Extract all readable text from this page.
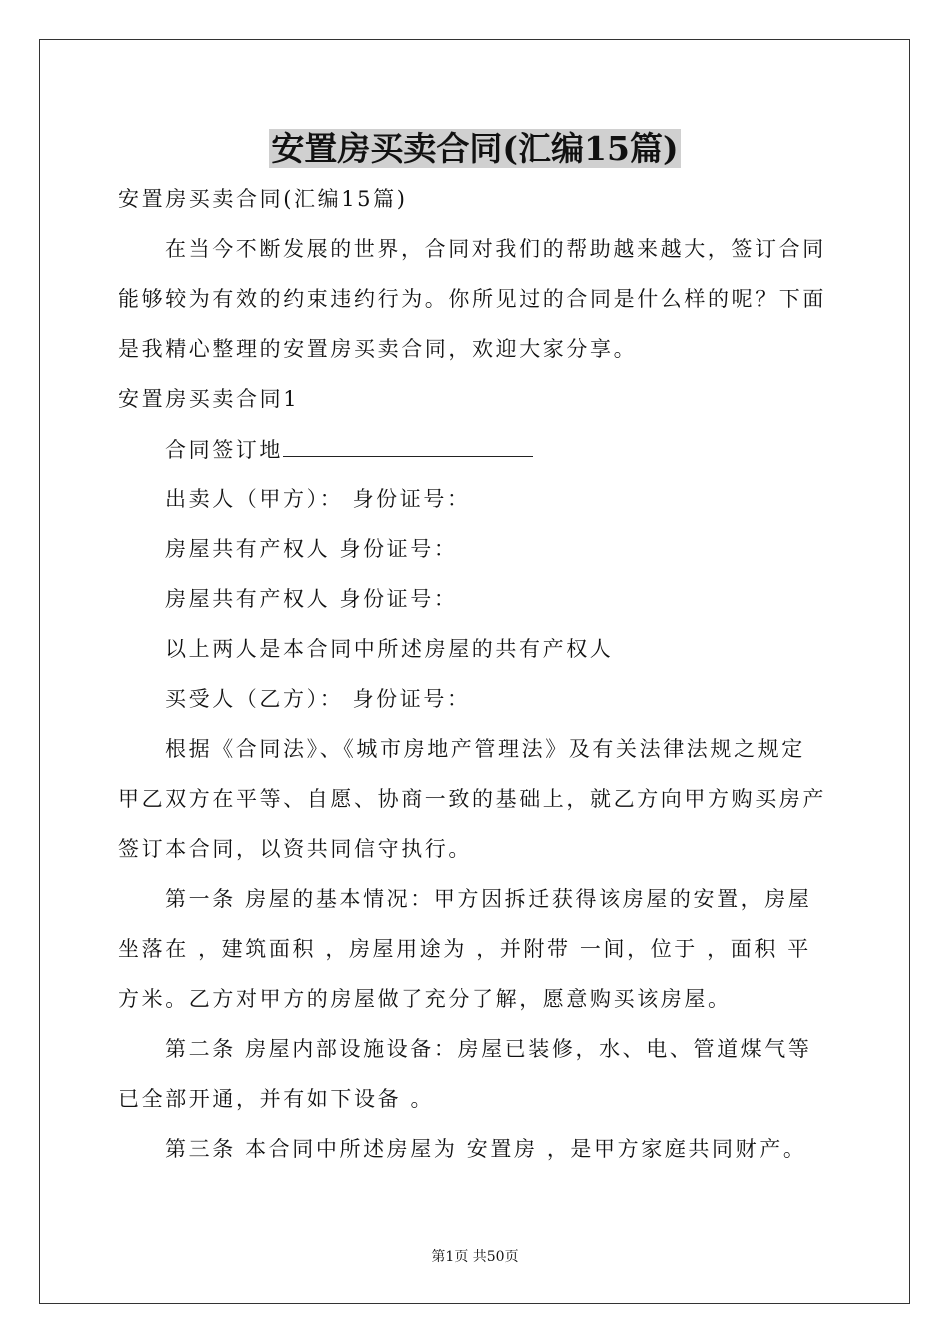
安置房买卖合同(汇编15篇)
安置房买卖合同(汇编15篇)
在当今不断发展的世界，合同对我们的帮助越来越大，签订合同
能够较为有效的约束违约行为。你所见过的合同是什么样的呢？下面
是我精心整理的安置房买卖合同，欢迎大家分享。
安置房买卖合同1
合同签订地
出卖人（甲方）： 身份证号：
房屋共有产权人 身份证号：
房屋共有产权人 身份证号：
以上两人是本合同中所述房屋的共有产权人
买受人（乙方）： 身份证号：
根据《合同法》、《城市房地产管理法》及有关法律法规之规定
甲乙双方在平等、自愿、协商一致的基础上，就乙方向甲方购买房产
签订本合同，以资共同信守执行。
第一条 房屋的基本情况：甲方因拆迁获得该房屋的安置，房屋
坐落在 ，建筑面积 ，房屋用途为 ，并附带 一间，位于 ，面积 平
方米。乙方对甲方的房屋做了充分了解，愿意购买该房屋。
第二条 房屋内部设施设备：房屋已装修，水、电、管道煤气等
已全部开通，并有如下设备 。
第三条 本合同中所述房屋为 安置房 ，是甲方家庭共同财产。
第1页 共50页
